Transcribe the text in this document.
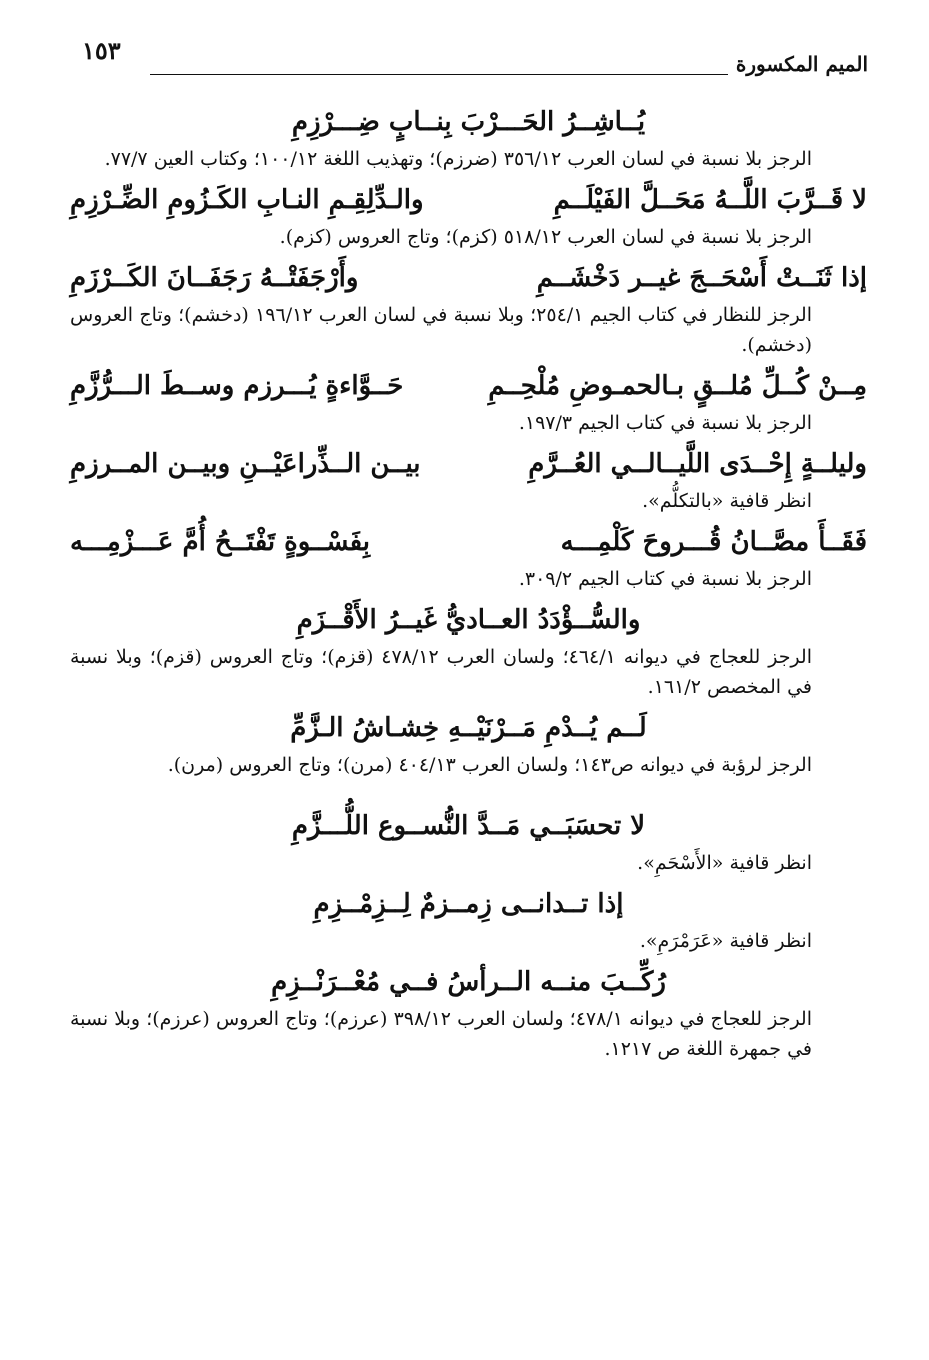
الميم المكسورة
١٥٣
يُــاشِــرُ الحَـــرْبَ بِنــابٍ ضِـــرْزِمِ

الرجز بلا نسبة في لسان العرب ٣٥٦/١٢ (ضرزم)؛ وتهذيب اللغة ١٠٠/١٢؛ وكتاب العين ٧٧/٧.

لا قَــرَّبَ اللَّــهُ مَحَــلَّ الفَيْلَــمِ
والـدِّلِقِـمِ النـابِ الكَـزُومِ الضِّـرْزِمِ

الرجز بلا نسبة في لسان العرب ٥١٨/١٢ (كزم)؛ وتاج العروس (كزم).

إذا ثَنَــتْ أَسْحَــجَ غيــر دَخْشَــمِ
وأَرْجَفَتْــهُ رَجَفَــانَ الكَــرْزَمِ

الرجز للنظار في كتاب الجيم ٢٥٤/١؛ وبلا نسبة في لسان العرب ١٩٦/١٢ (دخشم)؛ وتاج العروس (دخشم).

مِــنْ كُــلِّ مُلــقٍ بـالحمـوضِ مُلْحِــمِ
حَــوَّاءةٍ يُـــرزم وســطَ الـــرُّزَّمِ

الرجز بلا نسبة في كتاب الجيم ١٩٧/٣.

وليلــةٍ إِحْــدَى اللَّيــالــي العُــرَّمِ
بيــن الــذِّراعَيْــنِ وبيــن المــرزمِ

انظر قافية «بالتكلُّم».

فَقَــأَ مصَّــانُ قُـــروحَ كَلْمِـــه
بِفَسْــوةٍ تَفْتَــحُ أُمَّ عَـــزْمِـــه

الرجز بلا نسبة في كتاب الجيم ٣٠٩/٢.

والسُّــؤْدَدُ العــاديُّ غَيــرُ الأَقْــزَمِ

الرجز للعجاج في ديوانه ٤٦٤/١؛ ولسان العرب ٤٧٨/١٢ (قزم)؛ وتاج العروس (قزم)؛ وبلا نسبة في المخصص ١٦١/٢.

لَــم يُــدْمِ مَــرْنَيْــهِ خِشـاشُ الـزَّمِّ

الرجز لرؤبة في ديوانه ص١٤٣؛ ولسان العرب ٤٠٤/١٣ (مرن)؛ وتاج العروس (مرن).

لا تحسَبَــي مَــدَّ النُّســوع اللُّـــزَّمِ

انظر قافية «الأَسْحَمِ».

إذا تــدانــى زِمــزمٌ لِــزِمْــزِمِ

انظر قافية «عَرَمْرَمِ».

رُكِّــبَ منــه الــرأسُ فــي مُعْــرَنْــزِمِ

الرجز للعجاج في ديوانه ٤٧٨/١؛ ولسان العرب ٣٩٨/١٢ (عرزم)؛ وتاج العروس (عرزم)؛ وبلا نسبة في جمهرة اللغة ص ١٢١٧.
